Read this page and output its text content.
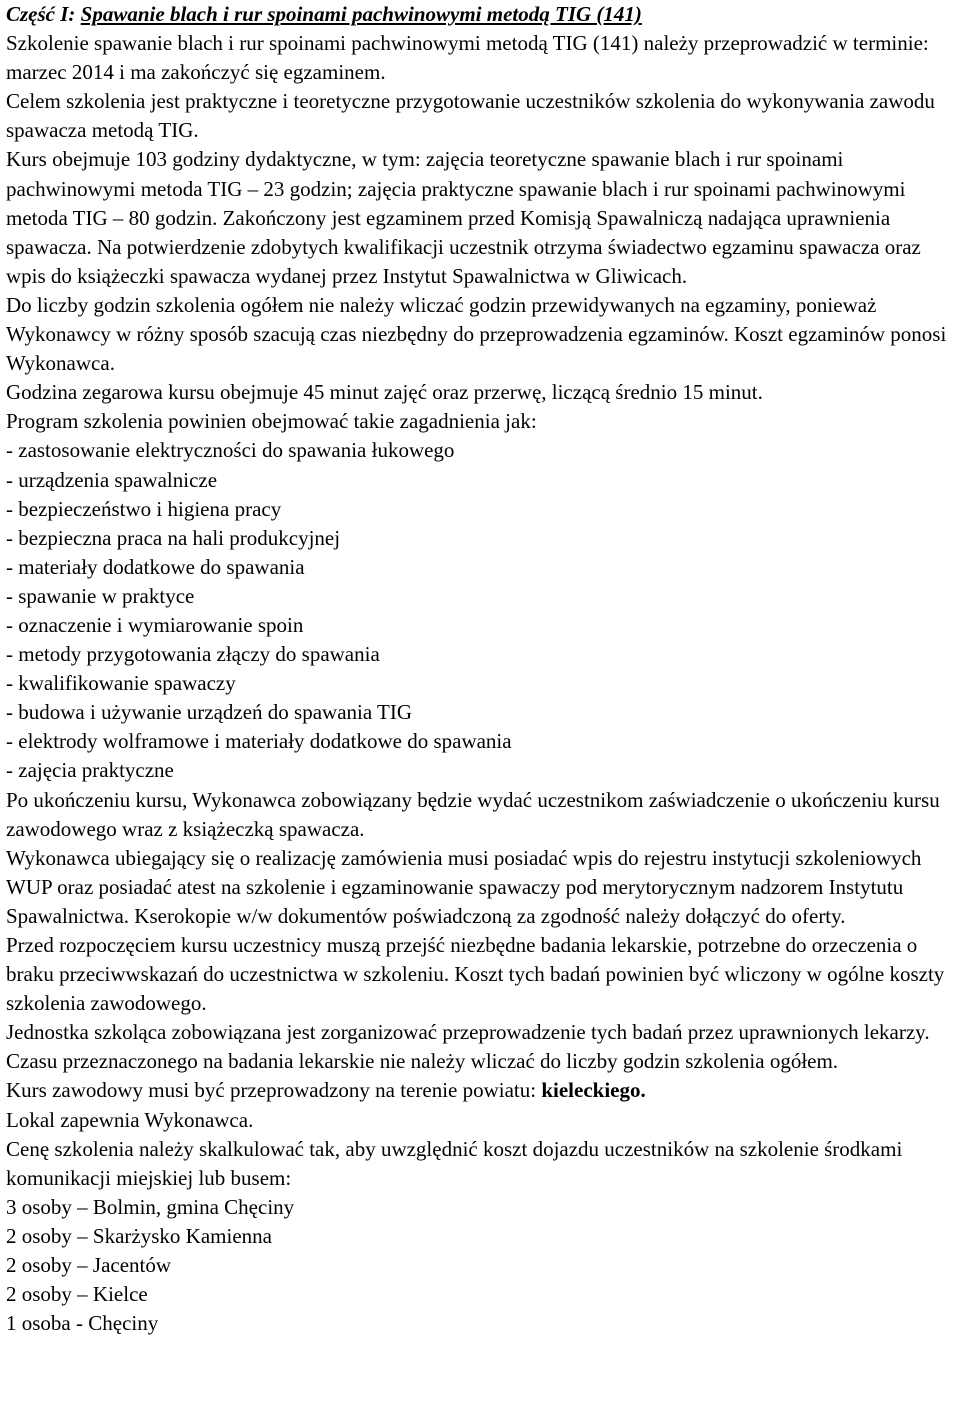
Część I: Spawanie blach i rur spoinami pachwinowymi metodą TIG (141)

Szkolenie spawanie blach i rur spoinami pachwinowymi metodą TIG (141) należy przeprowadzić w terminie: marzec 2014 i ma zakończyć się egzaminem.

Celem szkolenia jest praktyczne i teoretyczne przygotowanie uczestników szkolenia do wykonywania zawodu spawacza metodą TIG.

Kurs obejmuje 103 godziny dydaktyczne, w tym: zajęcia teoretyczne spawanie blach i rur spoinami pachwinowymi metoda TIG – 23 godzin; zajęcia praktyczne spawanie blach i rur spoinami pachwinowymi metoda TIG – 80 godzin. Zakończony jest egzaminem przed Komisją Spawalniczą nadająca uprawnienia spawacza. Na potwierdzenie zdobytych kwalifikacji uczestnik otrzyma świadectwo egzaminu spawacza oraz wpis do książeczki spawacza wydanej przez Instytut Spawalnictwa w Gliwicach.

Do liczby godzin szkolenia ogółem nie należy wliczać godzin przewidywanych na egzaminy, ponieważ Wykonawcy w różny sposób szacują czas niezbędny do przeprowadzenia egzaminów. Koszt egzaminów ponosi Wykonawca.

Godzina zegarowa kursu obejmuje 45 minut zajęć oraz przerwę, liczącą średnio 15 minut.

Program szkolenia powinien obejmować takie zagadnienia jak:

- zastosowanie elektryczności do spawania łukowego
- urządzenia spawalnicze
- bezpieczeństwo i higiena pracy
- bezpieczna praca na hali produkcyjnej
- materiały dodatkowe do spawania
- spawanie w praktyce
- oznaczenie i wymiarowanie spoin
- metody przygotowania złączy do spawania
- kwalifikowanie spawaczy
- budowa i używanie urządzeń do spawania TIG
- elektrody wolframowe i materiały dodatkowe do spawania
- zajęcia praktyczne

Po ukończeniu kursu, Wykonawca zobowiązany będzie wydać uczestnikom zaświadczenie o ukończeniu kursu zawodowego wraz z książeczką spawacza.

Wykonawca ubiegający się o realizację zamówienia musi posiadać wpis do rejestru instytucji szkoleniowych WUP oraz posiadać atest na szkolenie i egzaminowanie spawaczy pod merytorycznym nadzorem Instytutu Spawalnictwa. Kserokopie w/w dokumentów poświadczoną za zgodność należy dołączyć do oferty.

Przed rozpoczęciem kursu uczestnicy muszą przejść niezbędne badania lekarskie, potrzebne do orzeczenia o braku przeciwwskazań do uczestnictwa w szkoleniu. Koszt tych badań powinien być wliczony w ogólne koszty szkolenia zawodowego.

Jednostka szkoląca zobowiązana jest zorganizować przeprowadzenie tych badań przez uprawnionych lekarzy. Czasu przeznaczonego na badania lekarskie nie należy wliczać do liczby godzin szkolenia ogółem.

Kurs zawodowy musi być przeprowadzony na terenie powiatu: kieleckiego.

Lokal zapewnia Wykonawca.

Cenę szkolenia należy skalkulować tak, aby uwzględnić koszt dojazdu uczestników na szkolenie środkami komunikacji miejskiej lub busem:

3 osoby – Bolmin, gmina Chęciny
2 osoby – Skarżysko Kamienna
2 osoby – Jacentów
2 osoby – Kielce
1 osoba - Chęciny
